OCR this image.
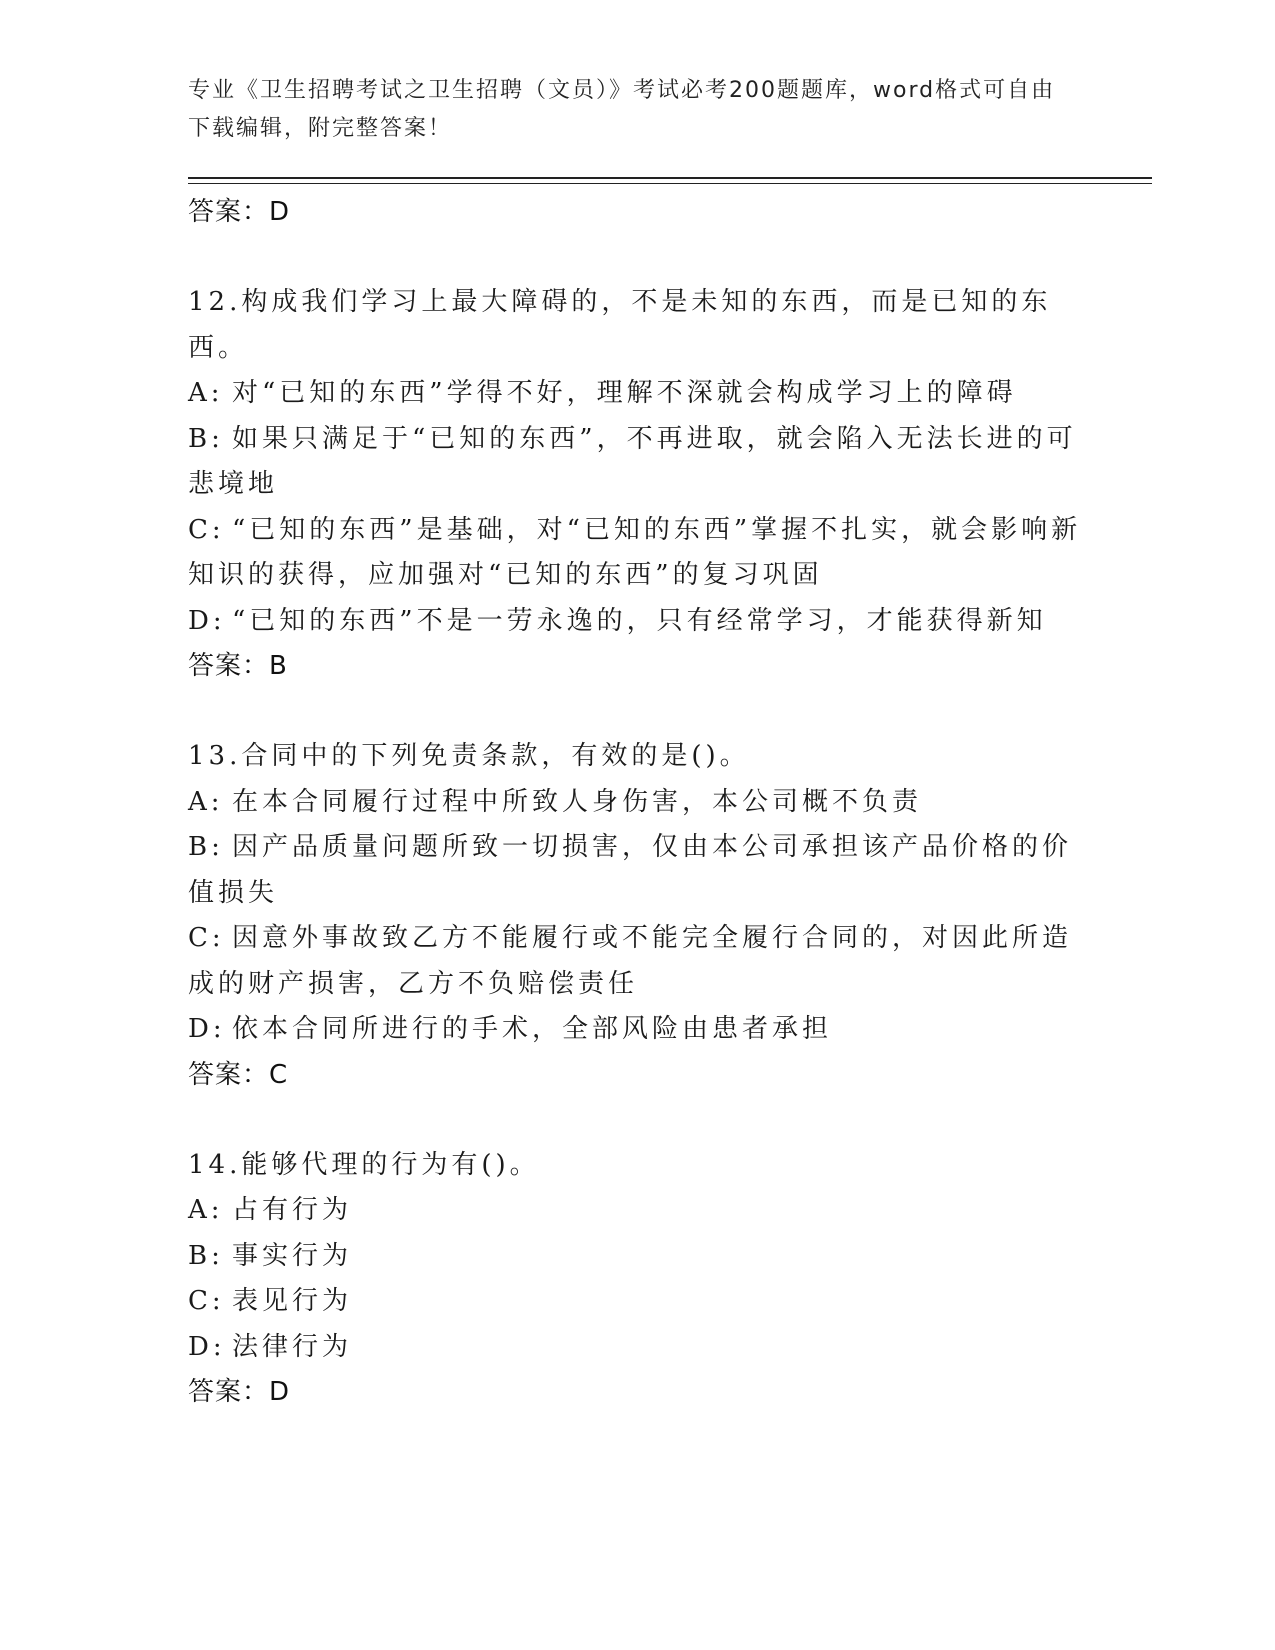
专业《卫生招聘考试之卫生招聘（文员）》考试必考200题题库，word格式可自由下载编辑，附完整答案！

答案：D

12.构成我们学习上最大障碍的，不是未知的东西，而是已知的东西。

A: 对“已知的东西”学得不好，理解不深就会构成学习上的障碍

B: 如果只满足于“已知的东西”，不再进取，就会陷入无法长进的可悲境地

C: “已知的东西”是基础，对“已知的东西”掌握不扎实，就会影响新知识的获得，应加强对“已知的东西”的复习巩固

D: “已知的东西”不是一劳永逸的，只有经常学习，才能获得新知

答案：B

13.合同中的下列免责条款，有效的是()。

A: 在本合同履行过程中所致人身伤害，本公司概不负责

B: 因产品质量问题所致一切损害，仅由本公司承担该产品价格的价值损失

C: 因意外事故致乙方不能履行或不能完全履行合同的，对因此所造成的财产损害，乙方不负赔偿责任

D: 依本合同所进行的手术，全部风险由患者承担

答案：C

14.能够代理的行为有()。

A: 占有行为

B: 事实行为

C: 表见行为

D: 法律行为

答案：D
